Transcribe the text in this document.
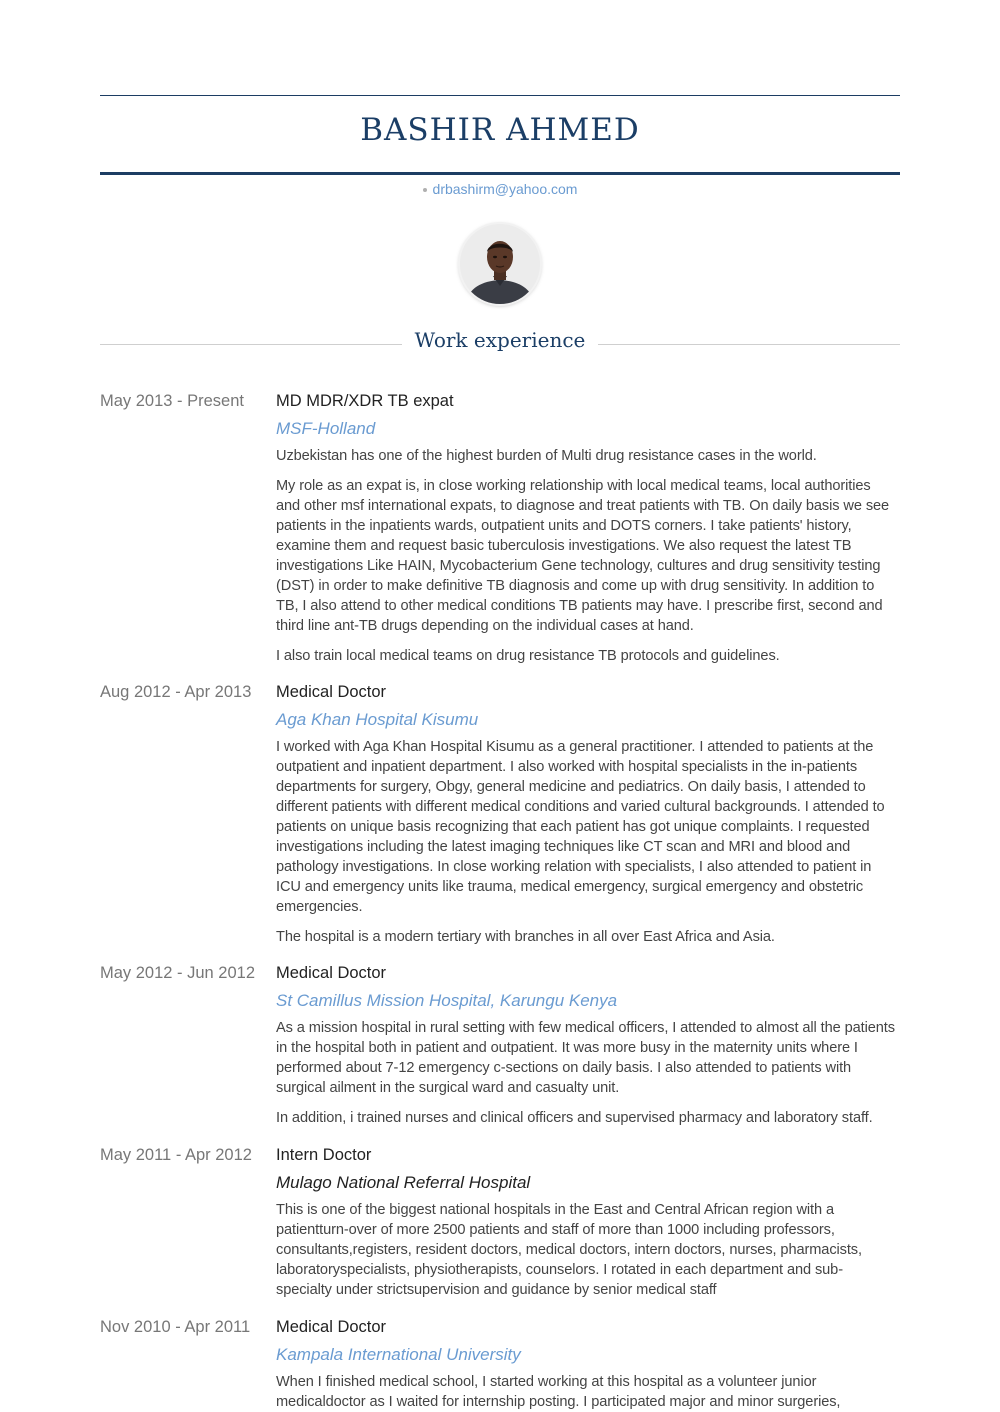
BASHIR AHMED
drbashirm@yahoo.com
Work experience
May 2013 - Present	MD MDR/XDR TB expat
MSF-Holland

Uzbekistan has one of the highest burden of Multi drug resistance cases in the world.

My role as an expat is, in close working relationship with local medical teams, local authorities and other msf international expats, to diagnose and treat patients with TB. On daily basis we see patients in the inpatients wards, outpatient units and DOTS corners. I take patients' history, examine them and request basic tuberculosis investigations. We also request the latest TB investigations Like HAIN, Mycobacterium Gene technology, cultures and drug sensitivity testing (DST) in order to make definitive TB diagnosis and come up with drug sensitivity. In addition to TB, I also attend to other medical conditions TB patients may have. I prescribe first, second and third line ant-TB drugs depending on the individual cases at hand.

I also train local medical teams on drug resistance TB protocols and guidelines.

Aug 2012 - Apr 2013	Medical Doctor
Aga Khan Hospital Kisumu

I worked with Aga Khan Hospital Kisumu as a general practitioner. I attended to patients at the outpatient and inpatient department. I also worked with hospital specialists in the in-patients departments for surgery, Obgy, general medicine and pediatrics. On daily basis, I attended to different patients with different medical conditions and varied cultural backgrounds. I attended to patients on unique basis recognizing that each patient has got unique complaints. I requested investigations including the latest imaging techniques like CT scan and MRI and blood and pathology investigations. In close working relation with specialists, I also attended to patient in ICU and emergency units like trauma, medical emergency, surgical emergency and obstetric emergencies.

The hospital is a modern tertiary with branches in all over East Africa and Asia.

May 2012 - Jun 2012	Medical Doctor
St Camillus Mission Hospital, Karungu Kenya

As a mission hospital in rural setting with few medical officers, I attended to almost all the patients in the hospital both in patient and outpatient. It was more busy in the maternity units where I performed about 7-12 emergency c-sections on daily basis. I also attended to patients with surgical ailment in the surgical ward and casualty unit.

In addition, i trained nurses and clinical officers and supervised pharmacy and laboratory staff.

May 2011 - Apr 2012	Intern Doctor
Mulago National Referral Hospital

This is one of the biggest national hospitals in the East and Central African region with a patientturn-over of more 2500 patients and staff of more than 1000 including professors, consultants,registers, resident doctors, medical doctors, intern doctors, nurses, pharmacists, laboratoryspecialists, physiotherapists, counselors. I rotated in each department and sub-specialty under strictsupervision and guidance by senior medical staff

Nov 2010 - Apr 2011	Medical Doctor
Kampala International University

When I finished medical school, I started working at this hospital as a volunteer junior medicaldoctor as I waited for internship posting. I participated major and minor surgeries,
